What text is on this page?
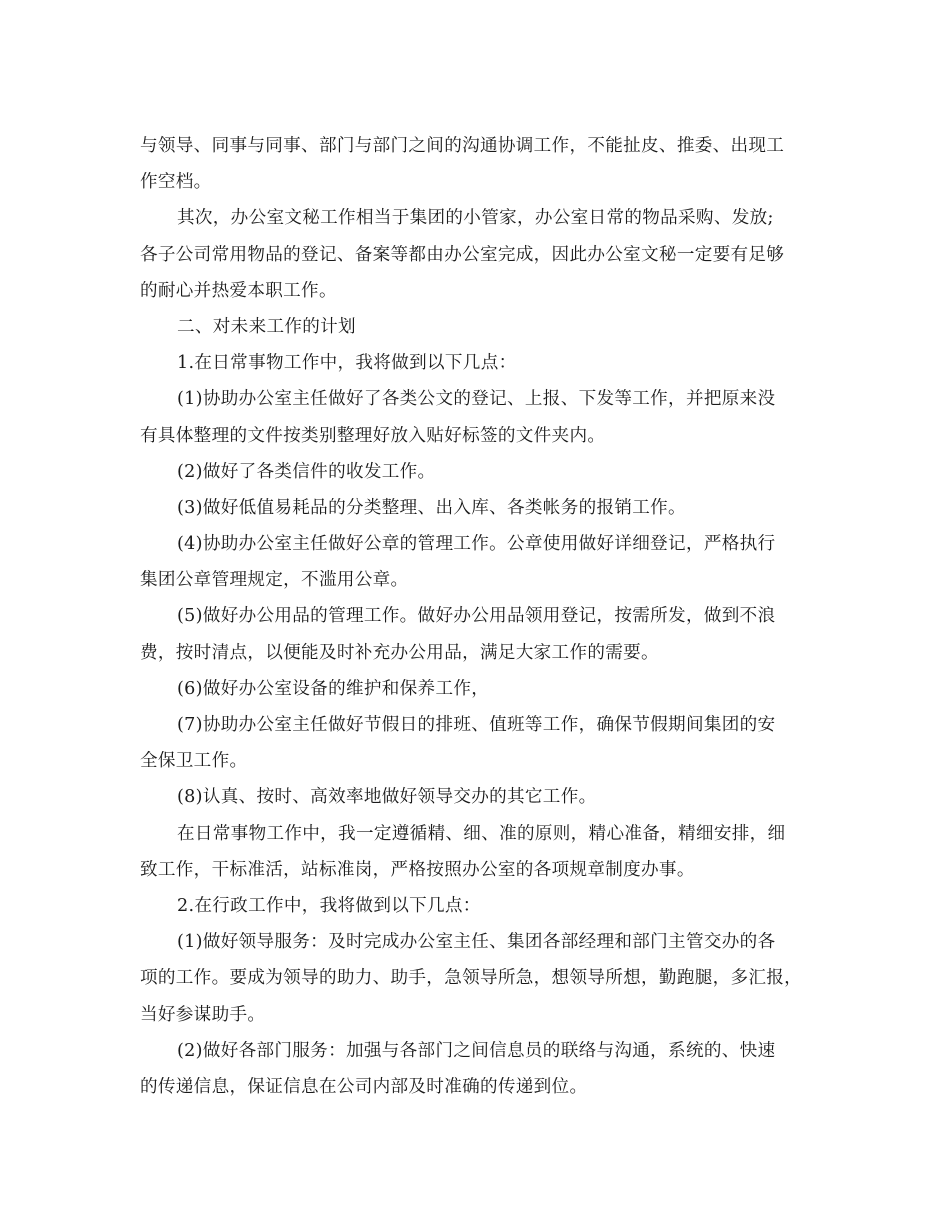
与领导、同事与同事、部门与部门之间的沟通协调工作，不能扯皮、推委、出现工
作空档。
其次，办公室文秘工作相当于集团的小管家，办公室日常的物品采购、发放;
各子公司常用物品的登记、备案等都由办公室完成，因此办公室文秘一定要有足够
的耐心并热爱本职工作。
二、对未来工作的计划
1.在日常事物工作中，我将做到以下几点：
(1)协助办公室主任做好了各类公文的登记、上报、下发等工作，并把原来没
有具体整理的文件按类别整理好放入贴好标签的文件夹内。
(2)做好了各类信件的收发工作。
(3)做好低值易耗品的分类整理、出入库、各类帐务的报销工作。
(4)协助办公室主任做好公章的管理工作。公章使用做好详细登记，严格执行
集团公章管理规定，不滥用公章。
(5)做好办公用品的管理工作。做好办公用品领用登记，按需所发，做到不浪
费，按时清点，以便能及时补充办公用品，满足大家工作的需要。
(6)做好办公室设备的维护和保养工作，
(7)协助办公室主任做好节假日的排班、值班等工作，确保节假期间集团的安
全保卫工作。
(8)认真、按时、高效率地做好领导交办的其它工作。
在日常事物工作中，我一定遵循精、细、准的原则，精心准备，精细安排，细
致工作，干标准活，站标准岗，严格按照办公室的各项规章制度办事。
2.在行政工作中，我将做到以下几点：
(1)做好领导服务：及时完成办公室主任、集团各部经理和部门主管交办的各
项的工作。要成为领导的助力、助手，急领导所急，想领导所想，勤跑腿，多汇报，
当好参谋助手。
(2)做好各部门服务：加强与各部门之间信息员的联络与沟通，系统的、快速
的传递信息，保证信息在公司内部及时准确的传递到位。
